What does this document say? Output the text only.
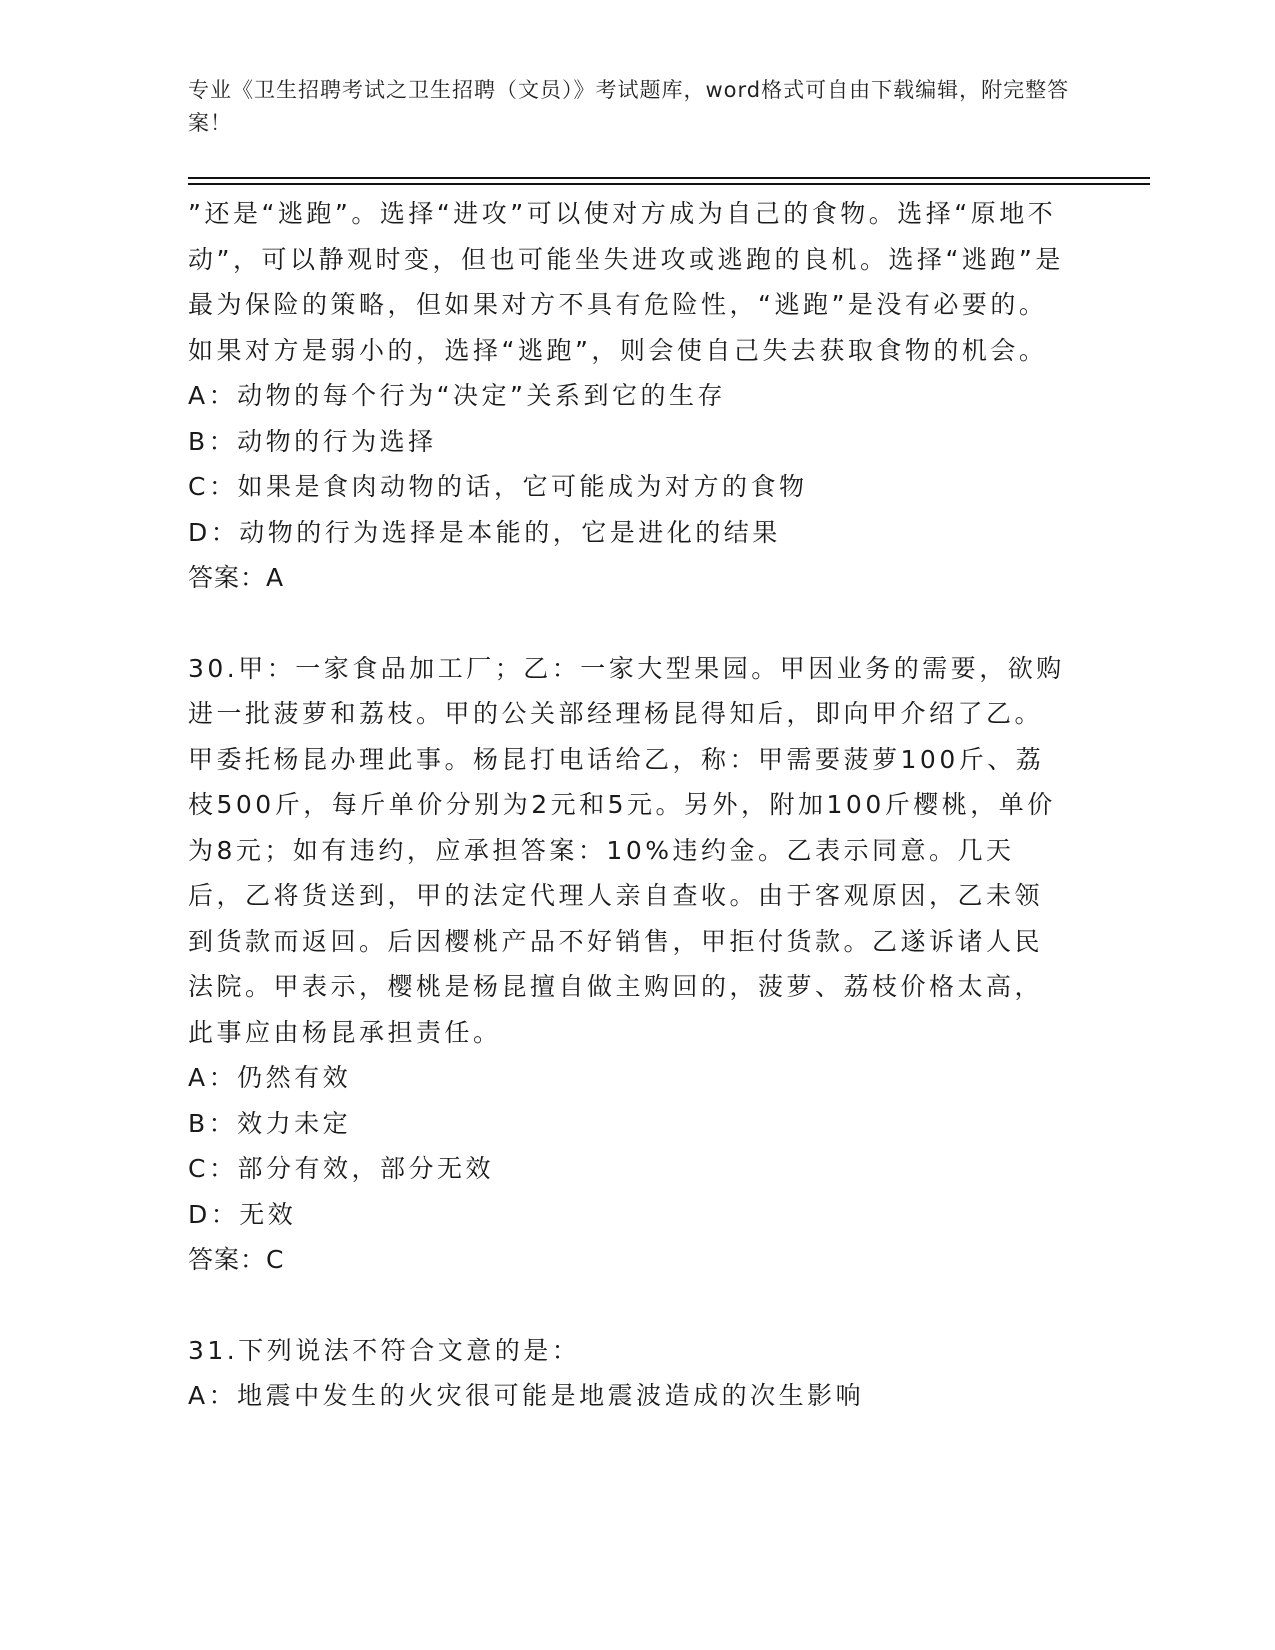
专业《卫生招聘考试之卫生招聘（文员）》考试题库，word格式可自由下载编辑，附完整答案！

”还是“逃跑”。选择“进攻”可以使对方成为自己的食物。选择“原地不动”，可以静观时变，但也可能坐失进攻或逃跑的良机。选择“逃跑”是最为保险的策略，但如果对方不具有危险性，“逃跑”是没有必要的。如果对方是弱小的，选择“逃跑”，则会使自己失去获取食物的机会。

A：动物的每个行为“决定”关系到它的生存

B：动物的行为选择

C：如果是食肉动物的话，它可能成为对方的食物

D：动物的行为选择是本能的，它是进化的结果

答案：A

30.甲：一家食品加工厂；乙：一家大型果园。甲因业务的需要，欲购进一批菠萝和荔枝。甲的公关部经理杨昆得知后，即向甲介绍了乙。甲委托杨昆办理此事。杨昆打电话给乙，称：甲需要菠萝100斤、荔枝500斤，每斤单价分别为2元和5元。另外，附加100斤樱桃，单价为8元；如有违约，应承担答案：10%违约金。乙表示同意。几天后，乙将货送到，甲的法定代理人亲自查收。由于客观原因，乙未领到货款而返回。后因樱桃产品不好销售，甲拒付货款。乙遂诉诸人民法院。甲表示，樱桃是杨昆擅自做主购回的，菠萝、荔枝价格太高，此事应由杨昆承担责任。

A：仍然有效

B：效力未定

C：部分有效，部分无效

D：无效

答案：C

31.下列说法不符合文意的是：

A：地震中发生的火灾很可能是地震波造成的次生影响
